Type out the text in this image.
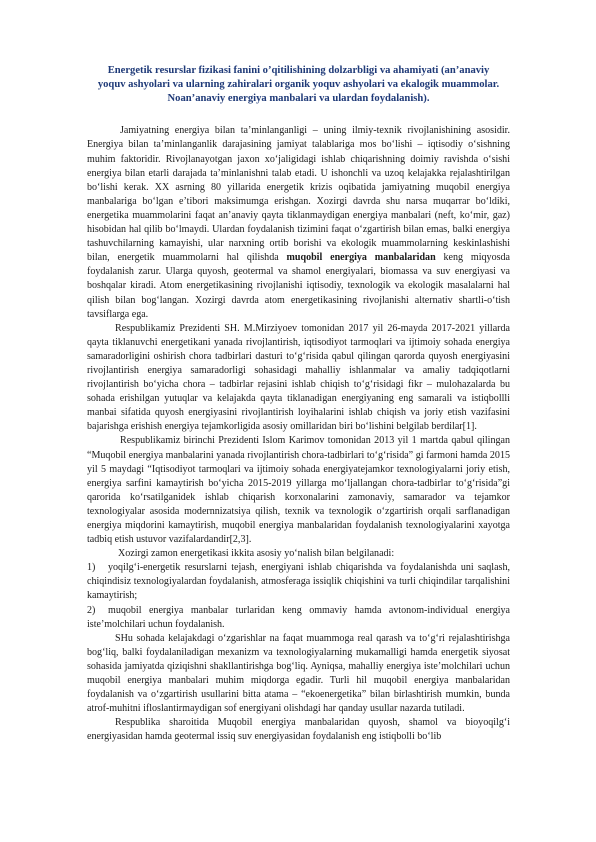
Energetik resurslar fizikasi fanini o’qitilishining dolzarbligi va ahamiyati (an’anaviy
yoquv ashyolari va ularning zahiralari organik yoquv ashyolari va ekalogik muammolar.
Noan’anaviy energiya manbalari va ulardan foydalanish).

Jamiyatning energiya bilan ta’minlanganligi – uning ilmiy-texnik rivojlanishining asosidir. Energiya bilan ta’minlanganlik darajasining jamiyat talablariga mos bo‘lishi – iqtisodiy o‘sishning muhim faktoridir. Rivojlanayotgan jaxon xo‘jaligidagi ishlab chiqarishning doimiy ravishda o‘sishi energiya bilan etarli darajada ta’minlanishni talab etadi. U ishonchli va uzoq kelajakka rejalashtirilgan bo‘lishi kerak. XX asrning 80 yillarida energetik krizis oqibatida jamiyatning muqobil energiya manbalariga bo‘lgan e’tibori maksimumga erishgan. Xozirgi davrda shu narsa muqarrar bo‘ldiki, energetika muammolarini faqat an’anaviy qayta tiklanmaydigan energiya manbalari (neft, ko‘mir, gaz) hisobidan hal qilib bo‘lmaydi. Ulardan foydalanish tizimini faqat o‘zgartirish bilan emas, balki energiya tashuvchilarning kamayishi, ular narxning ortib borishi va ekologik muammolarning keskinlashishi bilan, energetik muammolarni hal qilishda muqobil energiya manbalaridan keng miqyosda foydalanish zarur. Ularga quyosh, geotermal va shamol energiyalari, biomassa va suv energiyasi va boshqalar kiradi. Atom energetikasining rivojlanishi iqtisodiy, texnologik va ekologik masalalarni hal qilish bilan bog‘langan. Xozirgi davrda atom energetikasining rivojlanishi alternativ shartli-o‘tish tavsiflarga ega.

Respublikamiz Prezidenti SH. M.Mirziyoev tomonidan 2017 yil 26-mayda 2017-2021 yillarda qayta tiklanuvchi energetikani yanada rivojlantirish, iqtisodiyot tarmoqlari va ijtimoiy sohada energiya samaradorligini oshirish chora tadbirlari dasturi to‘g‘risida qabul qilingan qarorda quyosh energiyasini rivojlantirish energiya samaradorligi sohasidagi mahalliy ishlanmalar va amaliy tadqiqotlarni rivojlantirish bo‘yicha chora – tadbirlar rejasini ishlab chiqish to‘g‘risidagi fikr – mulohazalarda bu sohada erishilgan yutuqlar va kelajakda qayta tiklanadigan energiyaning eng samarali va istiqbollli manbai sifatida quyosh energiyasini rivojlantirish loyihalarini ishlab chiqish va joriy etish vazifasini bajarishga erishish energiya tejamkorligida asosiy omillaridan biri bo‘lishini belgilab berdilar[1].

Respublikamiz birinchi Prezidenti Islom Karimov tomonidan 2013 yil 1 martda qabul qilingan “Muqobil energiya manbalarini yanada rivojlantirish chora-tadbirlari to‘g‘risida” gi farmoni hamda 2015 yil 5 maydagi “Iqtisodiyot tarmoqlari va ijtimoiy sohada energiyatejamkor texnologiyalarni joriy etish, energiya sarfini kamaytirish bo‘yicha 2015-2019 yillarga mo‘ljallangan chora-tadbirlar to‘g‘risida”gi qarorida ko‘rsatilganidek ishlab chiqarish korxonalarini zamonaviy, samarador va tejamkor texnologiyalar asosida modernnizatsiya qilish, texnik va texnologik o‘zgartirish orqali sarflanadigan energiya miqdorini kamaytirish, muqobil energiya manbalaridan foydalanish texnologiyalarini xayotga tadbiq etish ustuvor vazifalardandir[2,3].

Xozirgi zamon energetikasi ikkita asosiy yo‘nalish bilan belgilanadi:

1) yoqilg‘i-energetik resurslarni tejash, energiyani ishlab chiqarishda va foydalanishda uni saqlash, chiqindisiz texnologiyalardan foydalanish, atmosferaga issiqlik chiqishini va turli chiqindilar tarqalishini kamaytirish;

2) muqobil energiya manbalar turlaridan keng ommaviy hamda avtonom-individual energiya iste’molchilari uchun foydalanish.

SHu sohada kelajakdagi o‘zgarishlar na faqat muammoga real qarash va to‘g‘ri rejalashtirishga bog‘liq, balki foydalaniladigan mexanizm va texnologiyalarning mukamalligi hamda energetik siyosat sohasida jamiyatda qiziqishni shakllantirishga bog‘liq. Ayniqsa, mahalliy energiya iste’molchilari uchun muqobil energiya manbalari muhim miqdorga egadir. Turli hil muqobil energiya manbalaridan foydalanish va o‘zgartirish usullarini bitta atama – “ekoenergetika” bilan birlashtirish mumkin, bunda atrof-muhitni ifloslantirmaydigan sof energiyani olishdagi har qanday usullar nazarda tutiladi.

Respublika sharoitida Muqobil energiya manbalaridan quyosh, shamol va bioyoqilg‘i energiyasidan hamda geotermal issiq suv energiyasidan foydalanish eng istiqbolli bo‘lib
